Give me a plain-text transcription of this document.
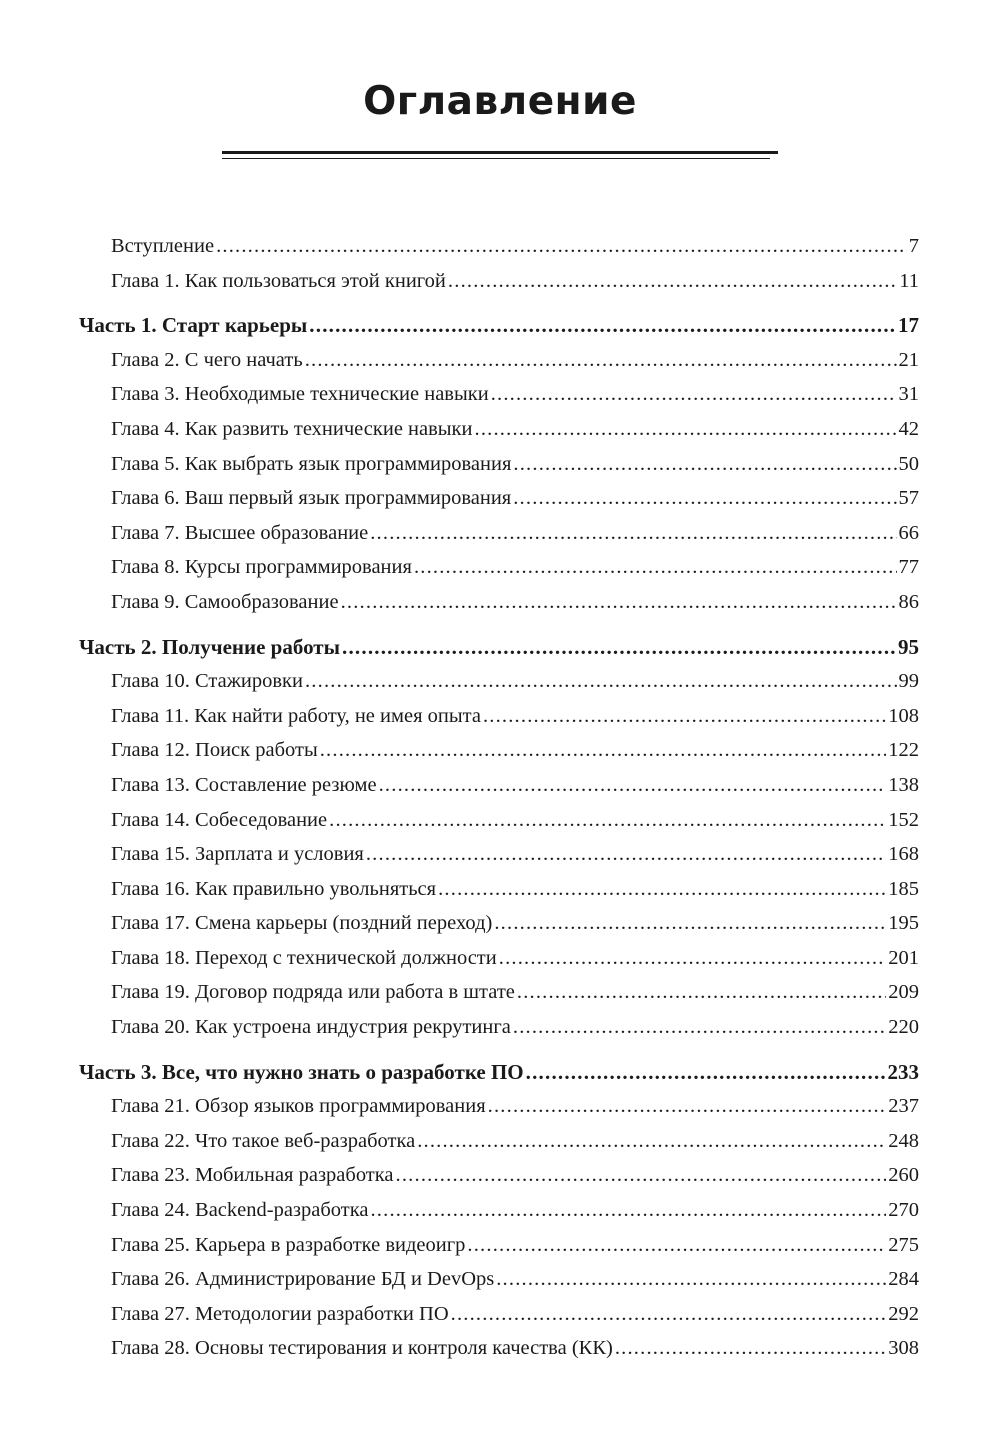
Оглавление
Вступление .....	7
Глава 1. Как пользоваться этой книгой .....	11
Часть 1. Старт карьеры .....	17
Глава 2. С чего начать .....	21
Глава 3. Необходимые технические навыки .....	31
Глава 4. Как развить технические навыки .....	42
Глава 5. Как выбрать язык программирования .....	50
Глава 6. Ваш первый язык программирования .....	57
Глава 7. Высшее образование .....	66
Глава 8. Курсы программирования .....	77
Глава 9. Самообразование .....	86
Часть 2. Получение работы .....	95
Глава 10. Стажировки .....	99
Глава 11. Как найти работу, не имея опыта .....	108
Глава 12. Поиск работы .....	122
Глава 13. Составление резюме .....	138
Глава 14. Собеседование .....	152
Глава 15. Зарплата и условия .....	168
Глава 16. Как правильно увольняться .....	185
Глава 17. Смена карьеры (поздний переход) .....	195
Глава 18. Переход с технической должности .....	201
Глава 19. Договор подряда или работа в штате .....	209
Глава 20. Как устроена индустрия рекрутинга .....	220
Часть 3. Все, что нужно знать о разработке ПО .....	233
Глава 21. Обзор языков программирования .....	237
Глава 22. Что такое веб-разработка .....	248
Глава 23. Мобильная разработка .....	260
Глава 24. Backend-разработка .....	270
Глава 25. Карьера в разработке видеоигр .....	275
Глава 26. Администрирование БД и DevOps .....	284
Глава 27. Методологии разработки ПО .....	292
Глава 28. Основы тестирования и контроля качества (КК) .....	308
